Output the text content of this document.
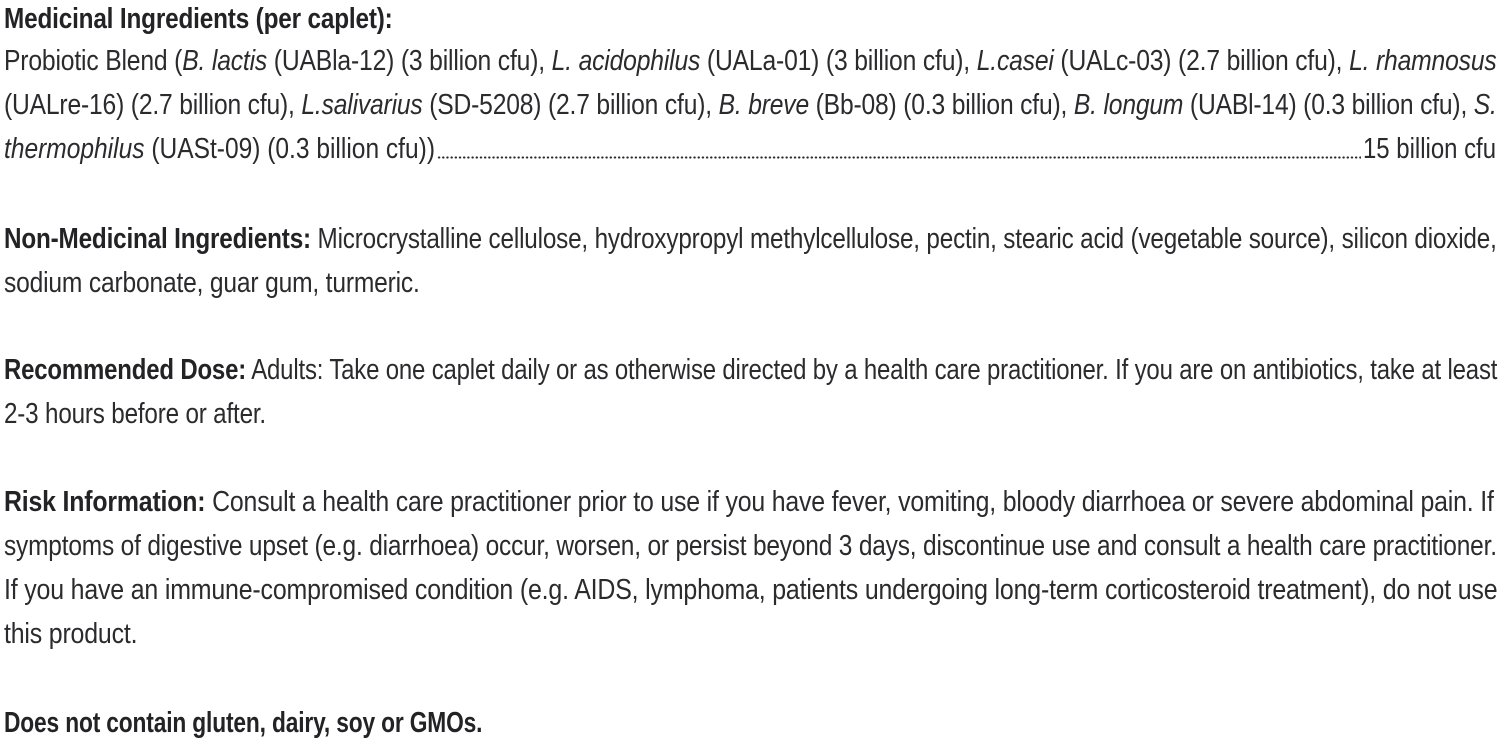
Medicinal Ingredients (per caplet):
Probiotic Blend (B. lactis (UABla-12) (3 billion cfu), L. acidophilus (UALa-01) (3 billion cfu), L.casei (UALc-03) (2.7 billion cfu), L. rhamnosus
(UALre-16) (2.7 billion cfu), L.salivarius (SD-5208) (2.7 billion cfu), B. breve (Bb-08) (0.3 billion cfu), B. longum (UABl-14) (0.3 billion cfu), S.
thermophilus (UASt-09) (0.3 billion cfu))	15 billion cfu
Non-Medicinal Ingredients: Microcrystalline cellulose, hydroxypropyl methylcellulose, pectin, stearic acid (vegetable source), silicon dioxide,
sodium carbonate, guar gum, turmeric.
Recommended Dose: Adults: Take one caplet daily or as otherwise directed by a health care practitioner. If you are on antibiotics, take at least
2-3 hours before or after.
Risk Information: Consult a health care practitioner prior to use if you have fever, vomiting, bloody diarrhoea or severe abdominal pain. If
symptoms of digestive upset (e.g. diarrhoea) occur, worsen, or persist beyond 3 days, discontinue use and consult a health care practitioner.
If you have an immune-compromised condition (e.g. AIDS, lymphoma, patients undergoing long-term corticosteroid treatment), do not use
this product.
Does not contain gluten, dairy, soy or GMOs.
